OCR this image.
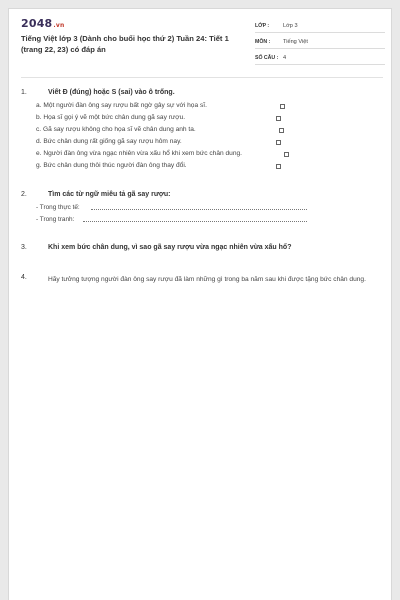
2048.vn
Tiếng Việt lớp 3 (Dành cho buổi học thứ 2) Tuần 24: Tiết 1 (trang 22, 23) có đáp án
LỚP :	Lớp 3
MÔN :	Tiếng Việt
SỐ CÂU : 4
1.	Viết Đ (đúng) hoặc S (sai) vào ô trống.
a. Một người đàn ông say rượu bất ngờ gây sự với họa sĩ.
b. Họa sĩ gọi ý vẽ một bức chân dung gã say rượu.
c. Gã say rượu không cho họa sĩ vẽ chân dung anh ta.
d. Bức chân dung rất giống gã say rượu hôm nay.
e. Người đàn ông vừa ngạc nhiên vừa xấu hổ khi xem bức chân dung.
g. Bức chân dung thôi thúc người đàn ông thay đổi.
2.	Tìm các từ ngữ miêu tả gã say rượu:
- Trong thực tế:
- Trong tranh:
3.	Khi xem bức chân dung, vì sao gã say rượu vừa ngạc nhiên vừa xấu hổ?
4.	Hãy tưởng tượng người đàn ông say rượu đã làm những gì trong ba năm sau khi được tặng bức chân dung.
